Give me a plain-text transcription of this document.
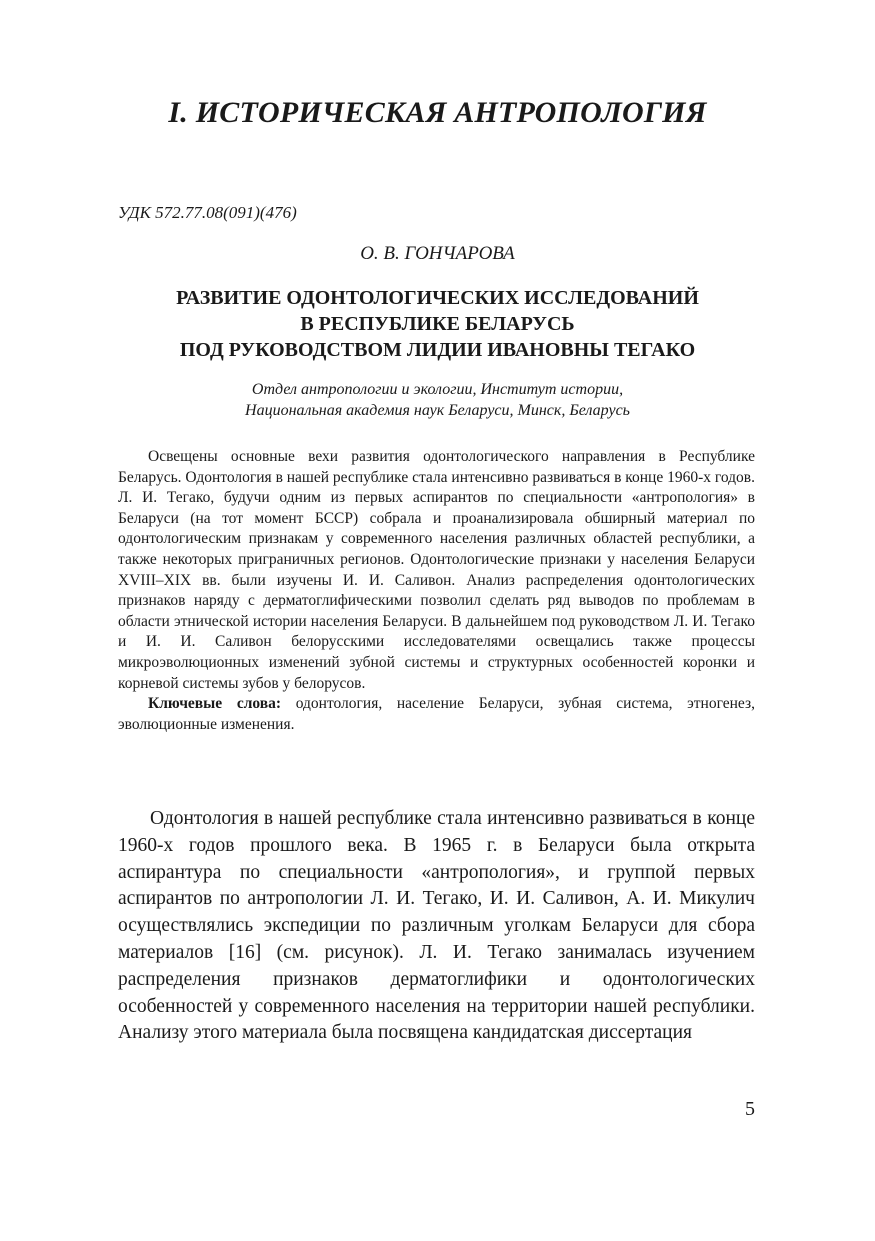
I. ИСТОРИЧЕСКАЯ АНТРОПОЛОГИЯ
УДК 572.77.08(091)(476)
О. В. ГОНЧАРОВА
РАЗВИТИЕ ОДОНТОЛОГИЧЕСКИХ ИССЛЕДОВАНИЙ
В РЕСПУБЛИКЕ БЕЛАРУСЬ
ПОД РУКОВОДСТВОМ ЛИДИИ ИВАНОВНЫ ТЕГАКО
Отдел антропологии и экологии, Институт истории,
Национальная академия наук Беларуси, Минск, Беларусь

Освещены основные вехи развития одонтологического направления в Республике Беларусь. Одонтология в нашей республике стала интенсивно развиваться в конце 1960-х годов. Л. И. Тегако, будучи одним из первых аспирантов по специальности «антропология» в Беларуси (на тот момент БССР) собрала и проанализировала обширный материал по одонтологическим признакам у современного населения различных областей республики, а также некоторых приграничных регионов. Одонтологические признаки у населения Беларуси XVIII–XIX вв. были изучены И. И. Саливон. Анализ распределения одонтологических признаков наряду с дерматоглифическими позволил сделать ряд выводов по проблемам в области этнической истории населения Беларуси. В дальнейшем под руководством Л. И. Тегако и И. И. Саливон белорусскими исследователями освещались также процессы микроэволюционных изменений зубной системы и структурных особенностей коронки и корневой системы зубов у белорусов.

Ключевые слова: одонтология, население Беларуси, зубная система, этногенез, эволюционные изменения.

Одонтология в нашей республике стала интенсивно развиваться в конце 1960-х годов прошлого века. В 1965 г. в Беларуси была открыта аспирантура по специальности «антропология», и группой первых аспирантов по антропологии Л. И. Тегако, И. И. Саливон, А. И. Микулич осуществлялись экспедиции по различным уголкам Беларуси для сбора материалов [16] (см. рисунок). Л. И. Тегако занималась изучением распределения признаков дерматоглифики и одонтологических особенностей у современного населения на территории нашей республики. Анализу этого материала была посвящена кандидатская диссертация

5
